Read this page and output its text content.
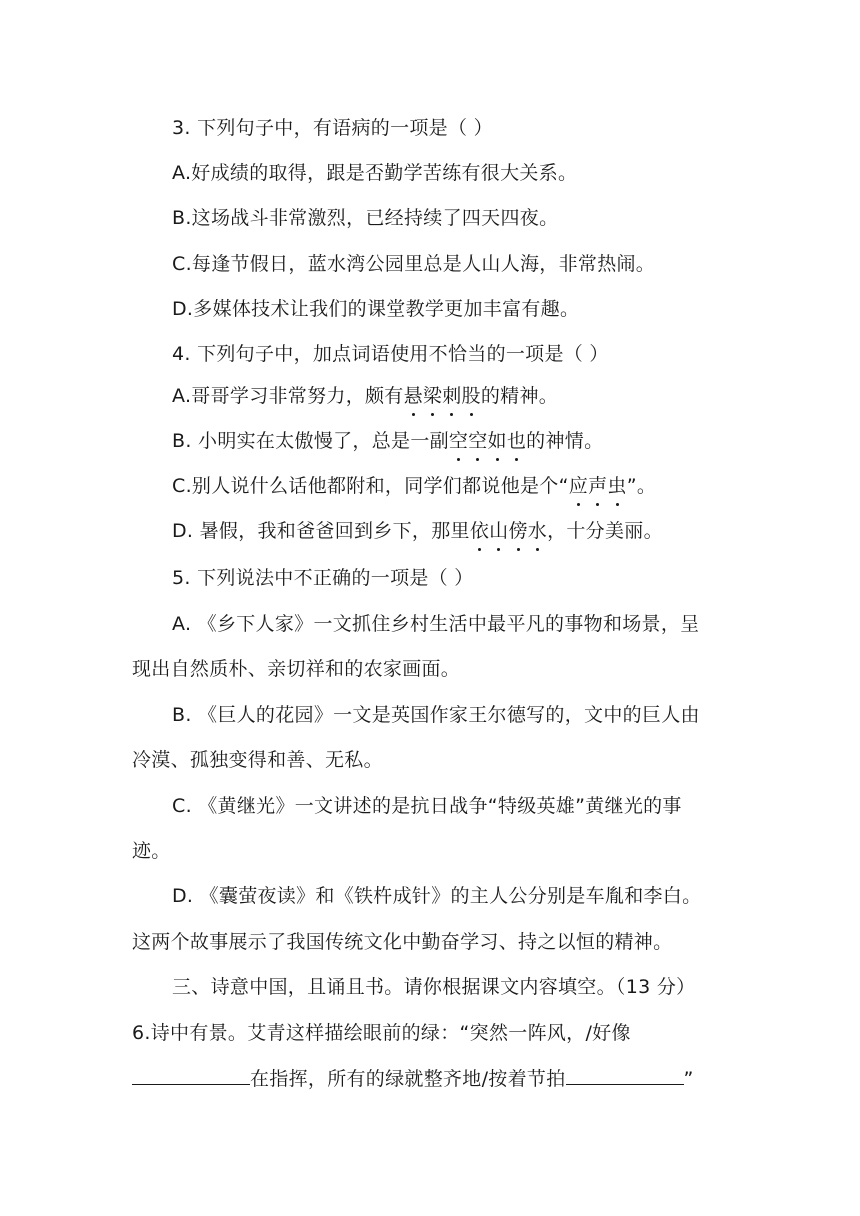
3. 下列句子中，有语病的一项是（ ）
A.好成绩的取得，跟是否勤学苦练有很大关系。
B.这场战斗非常激烈，已经持续了四天四夜。
C.每逢节假日，蓝水湾公园里总是人山人海，非常热闹。
D.多媒体技术让我们的课堂教学更加丰富有趣。
4. 下列句子中，加点词语使用不恰当的一项是（ ）
A.哥哥学习非常努力，颇有悬梁刺股的精神。
B. 小明实在太傲慢了，总是一副空空如也的神情。
C.别人说什么话他都附和，同学们都说他是个“应声虫”。
D. 暑假，我和爸爸回到乡下，那里依山傍水，十分美丽。
5. 下列说法中不正确的一项是（ ）
A. 《乡下人家》一文抓住乡村生活中最平凡的事物和场景，呈
现出自然质朴、亲切祥和的农家画面。
B. 《巨人的花园》一文是英国作家王尔德写的，文中的巨人由
冷漠、孤独变得和善、无私。
C. 《黄继光》一文讲述的是抗日战争“特级英雄”黄继光的事
迹。
D. 《囊萤夜读》和《铁杵成针》的主人公分别是车胤和李白。
这两个故事展示了我国传统文化中勤奋学习、持之以恒的精神。
三、诗意中国，且诵且书。请你根据课文内容填空。（13 分）
6.诗中有景。艾青这样描绘眼前的绿：“突然一阵风，/好像
在指挥，所有的绿就整齐地/按着节拍	”
